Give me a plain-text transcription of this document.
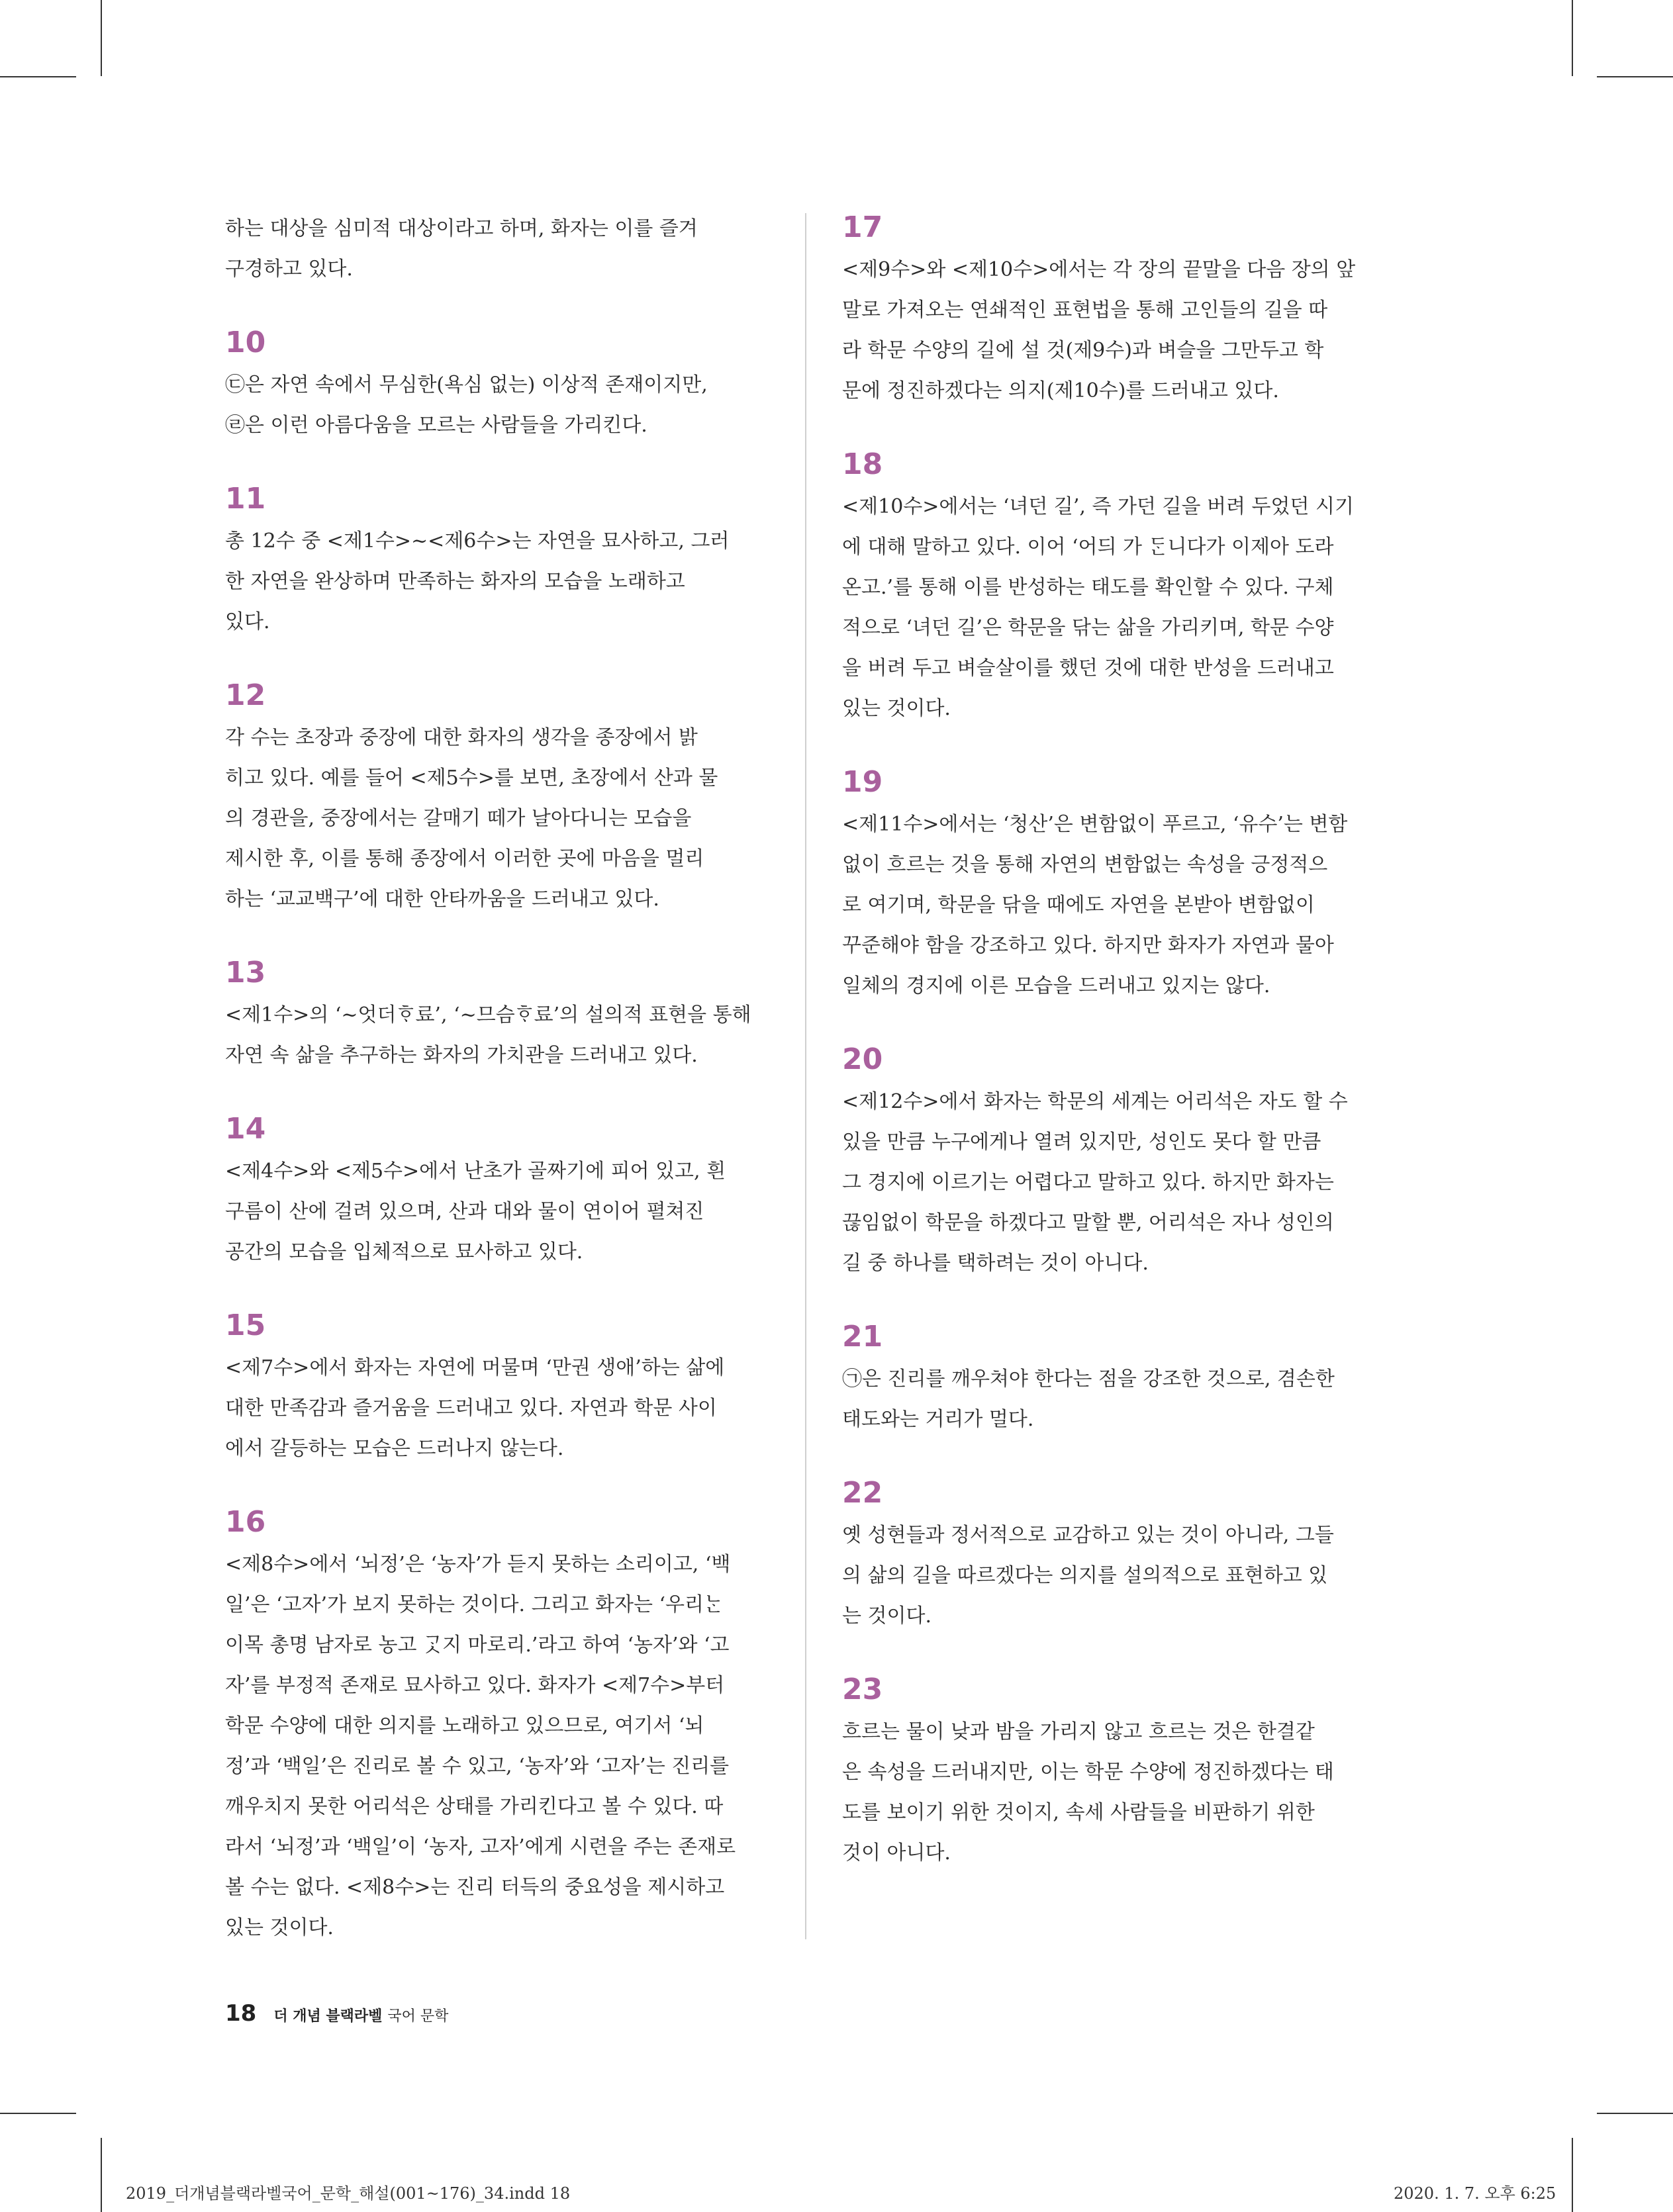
하는 대상을 심미적 대상이라고 하며, 화자는 이를 즐겨
구경하고 있다.

10
㉢은 자연 속에서 무심한(욕심 없는) 이상적 존재이지만,
㉣은 이런 아름다움을 모르는 사람들을 가리킨다.
11
총 12수 중 <제1수>~<제6수>는 자연을 묘사하고, 그러
한 자연을 완상하며 만족하는 화자의 모습을 노래하고
있다.
12
각 수는 초장과 중장에 대한 화자의 생각을 종장에서 밝
히고 있다. 예를 들어 <제5수>를 보면, 초장에서 산과 물
의 경관을, 중장에서는 갈매기 떼가 날아다니는 모습을
제시한 후, 이를 통해 종장에서 이러한 곳에 마음을 멀리
하는 ‘교교백구’에 대한 안타까움을 드러내고 있다.
13
<제1수>의 ‘~엇더ᄒᆞ료’, ‘~므슴ᄒᆞ료’의 설의적 표현을 통해
자연 속 삶을 추구하는 화자의 가치관을 드러내고 있다.
14
<제4수>와 <제5수>에서 난초가 골짜기에 피어 있고, 흰
구름이 산에 걸려 있으며, 산과 대와 물이 연이어 펼쳐진
공간의 모습을 입체적으로 묘사하고 있다.
15
<제7수>에서 화자는 자연에 머물며 ‘만권 생애’하는 삶에
대한 만족감과 즐거움을 드러내고 있다. 자연과 학문 사이
에서 갈등하는 모습은 드러나지 않는다.
16
<제8수>에서 ‘뇌정’은 ‘농자’가 듣지 못하는 소리이고, ‘백
일’은 ‘고자’가 보지 못하는 것이다. 그리고 화자는 ‘우리ᄂᆞᆫ
이목 총명 남자로 농고 ᄀᆞᆺ지 마로리.’라고 하여 ‘농자’와 ‘고
자’를 부정적 존재로 묘사하고 있다. 화자가 <제7수>부터
학문 수양에 대한 의지를 노래하고 있으므로, 여기서 ‘뇌
정’과 ‘백일’은 진리로 볼 수 있고, ‘농자’와 ‘고자’는 진리를
깨우치지 못한 어리석은 상태를 가리킨다고 볼 수 있다. 따
라서 ‘뇌정’과 ‘백일’이 ‘농자, 고자’에게 시련을 주는 존재로
볼 수는 없다. <제8수>는 진리 터득의 중요성을 제시하고
있는 것이다.
17
<제9수>와 <제10수>에서는 각 장의 끝말을 다음 장의 앞
말로 가져오는 연쇄적인 표현법을 통해 고인들의 길을 따
라 학문 수양의 길에 설 것(제9수)과 벼슬을 그만두고 학
문에 정진하겠다는 의지(제10수)를 드러내고 있다.
18
<제10수>에서는 ‘녀던 길’, 즉 가던 길을 버려 두었던 시기
에 대해 말하고 있다. 이어 ‘어듸 가 ᄃᆞᆫ니다가 이제아 도라
온고.’를 통해 이를 반성하는 태도를 확인할 수 있다. 구체
적으로 ‘녀던 길’은 학문을 닦는 삶을 가리키며, 학문 수양
을 버려 두고 벼슬살이를 했던 것에 대한 반성을 드러내고
있는 것이다.
19
<제11수>에서는 ‘청산’은 변함없이 푸르고, ‘유수’는 변함
없이 흐르는 것을 통해 자연의 변함없는 속성을 긍정적으
로 여기며, 학문을 닦을 때에도 자연을 본받아 변함없이
꾸준해야 함을 강조하고 있다. 하지만 화자가 자연과 물아
일체의 경지에 이른 모습을 드러내고 있지는 않다.
20
<제12수>에서 화자는 학문의 세계는 어리석은 자도 할 수
있을 만큼 누구에게나 열려 있지만, 성인도 못다 할 만큼
그 경지에 이르기는 어렵다고 말하고 있다. 하지만 화자는
끊임없이 학문을 하겠다고 말할 뿐, 어리석은 자나 성인의
길 중 하나를 택하려는 것이 아니다.
21
㉠은 진리를 깨우쳐야 한다는 점을 강조한 것으로, 겸손한
태도와는 거리가 멀다.
22
옛 성현들과 정서적으로 교감하고 있는 것이 아니라, 그들
의 삶의 길을 따르겠다는 의지를 설의적으로 표현하고 있
는 것이다.
23
흐르는 물이 낮과 밤을 가리지 않고 흐르는 것은 한결같
은 속성을 드러내지만, 이는 학문 수양에 정진하겠다는 태
도를 보이기 위한 것이지, 속세 사람들을 비판하기 위한
것이 아니다.
18 더 개념 블랙라벨 국어 문학
2019_더개념블랙라벨국어_문학_해설(001~176)_34.indd 18	2020. 1. 7. 오후 6:25
